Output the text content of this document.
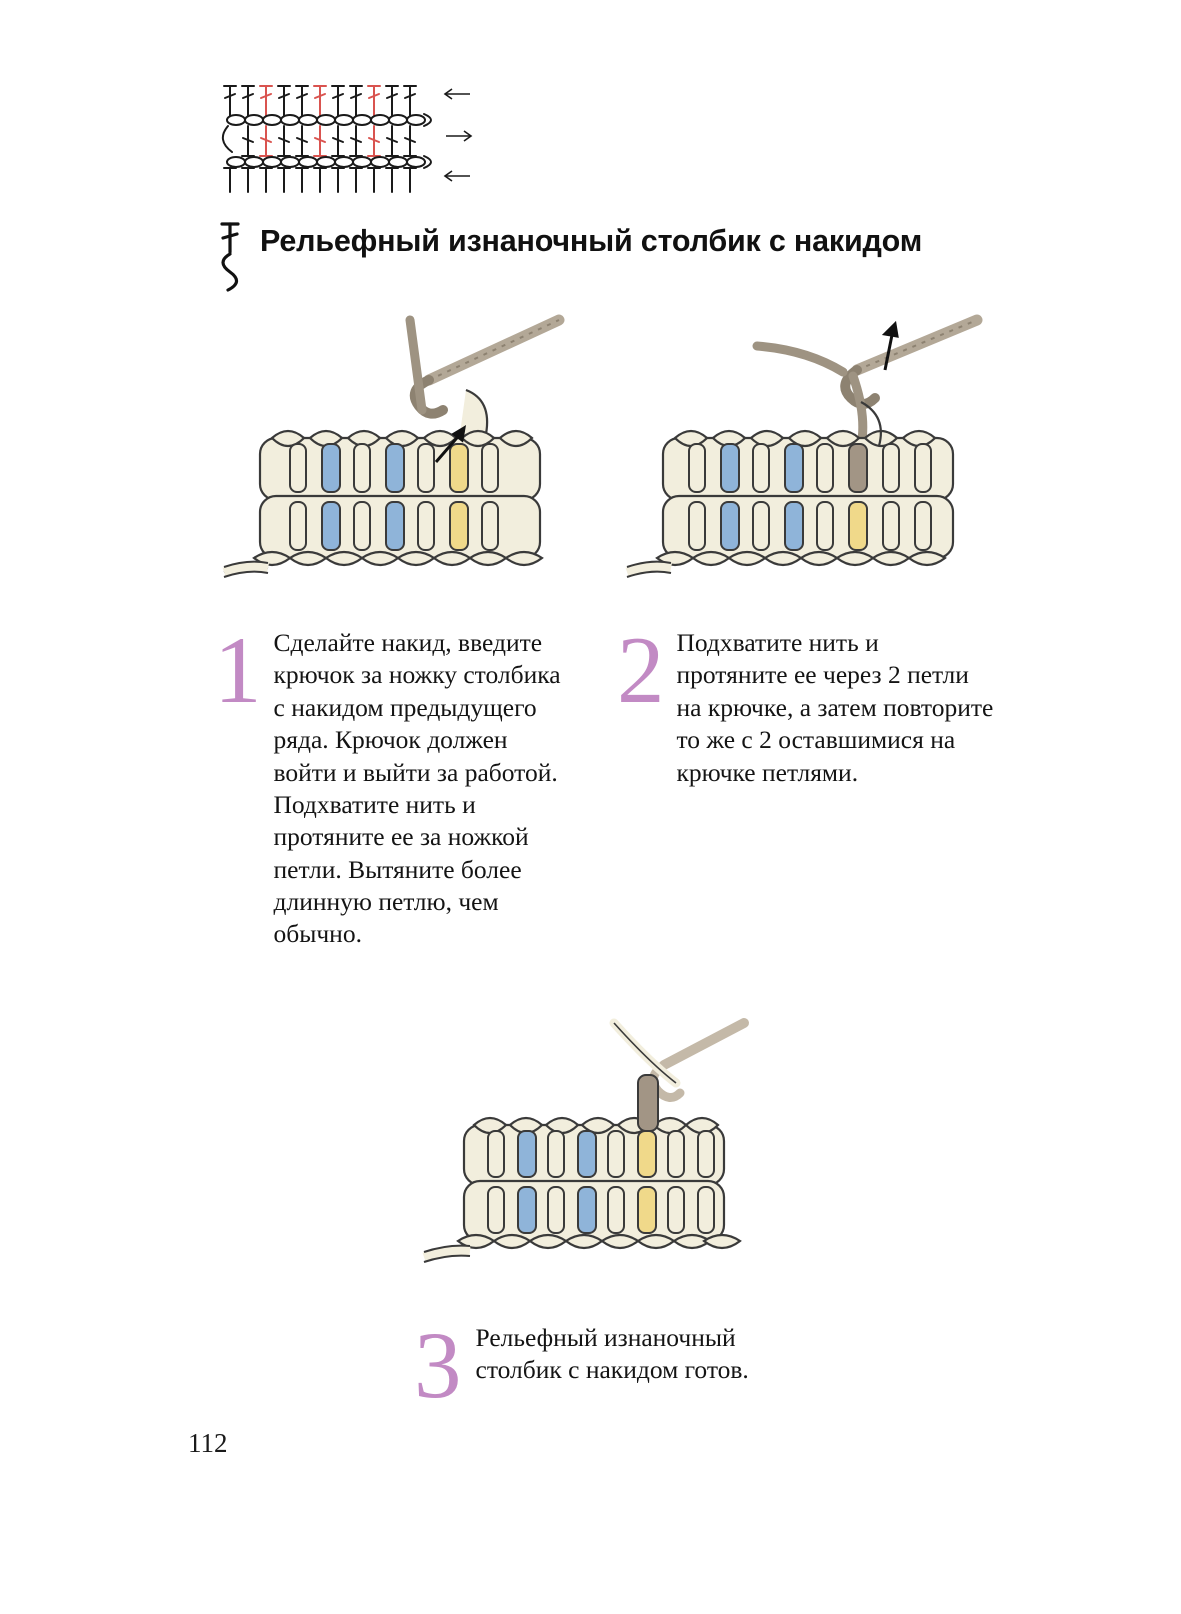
Рельефный изнаночный столбик с накидом
1 Сделайте накид, введите крючок за ножку столбика с накидом предыдущего ряда. Крючок должен войти и выйти за работой. Подхватите нить и протяните ее за ножкой петли. Вытяните более длинную петлю, чем обычно.
2 Подхватите нить и протяните ее через 2 петли на крючке, а затем повторите то же с 2 оставшимися на крючке петлями.
3 Рельефный изнаночный столбик с накидом готов.
112
